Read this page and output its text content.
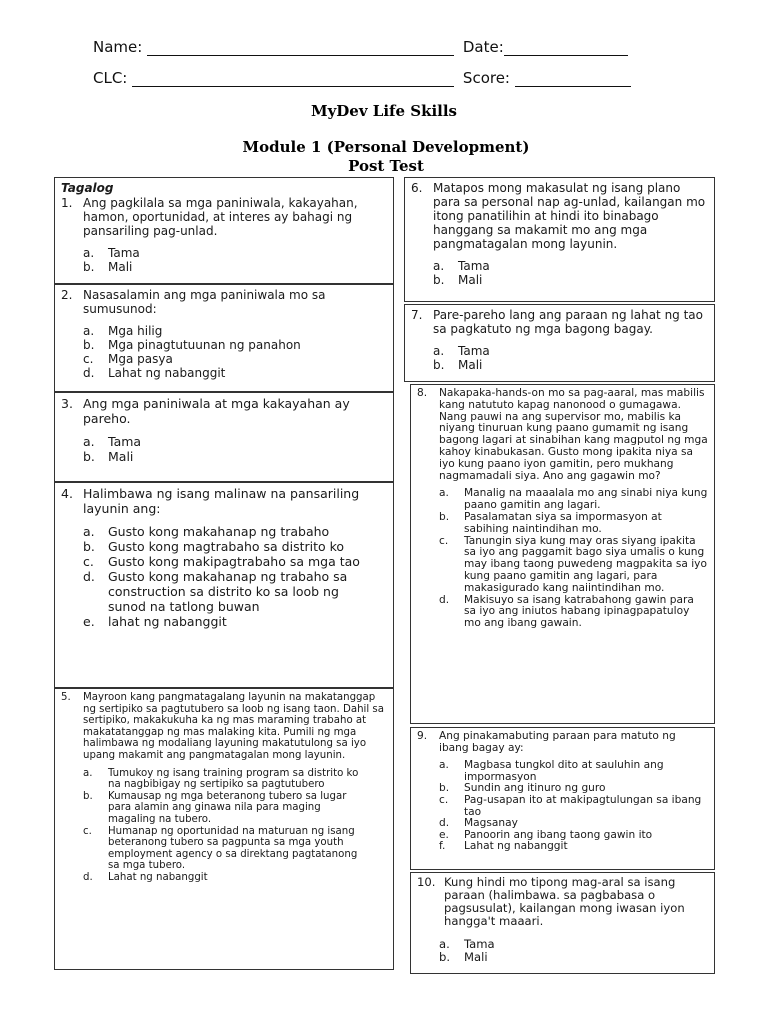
Name:	Date:
CLC:	Score:
MyDev Life Skills
Module 1 (Personal Development)
Post Test
Tagalog
1. Ang pagkilala sa mga paniniwala, kakayahan, hamon, oportunidad, at interes ay bahagi ng pansariling pag-unlad.
a.	Tama
b.	Mali
2. Nasasalamin ang mga paniniwala mo sa sumusunod:
a.	Mga hilig
b.	Mga pinagtutuunan ng panahon
c.	Mga pasya
d.	Lahat ng nabanggit
3. Ang mga paniniwala at mga kakayahan ay pareho.
a.	Tama
b.	Mali
4. Halimbawa ng isang malinaw na pansariling layunin ang:
a.	Gusto kong makahanap ng trabaho
b.	Gusto kong magtrabaho sa distrito ko
c.	Gusto kong makipagtrabaho sa mga tao
d.	Gusto kong makahanap ng trabaho sa construction sa distrito ko sa loob ng sunod na tatlong buwan
e.	lahat ng nabanggit
5.	Mayroon kang pangmatagalang layunin na makatanggap ng sertipiko sa pagtutubero sa loob ng isang taon. Dahil sa sertipiko, makakukuha ka ng mas maraming trabaho at makatatanggap ng mas malaking kita. Pumili ng mga halimbawa ng modaliang layuning makatutulong sa iyo upang makamit ang pangmatagalan mong layunin.
a.	Tumukoy ng isang training program sa distrito ko na nagbibigay ng sertipiko sa pagtutubero
b.	Kumausap ng mga beteranong tubero sa lugar para alamin ang ginawa nila para maging magaling na tubero.
c.	Humanap ng oportunidad na maturuan ng isang beteranong tubero sa pagpunta sa mga youth employment agency o sa direktang pagtatanong sa mga tubero.
d.	Lahat ng nabanggit
6. Matapos mong makasulat ng isang plano para sa personal nap ag-unlad, kailangan mo itong panatilihin at hindi ito binabago hanggang sa makamit mo ang mga pangmatagalan mong layunin.
a.	Tama
b.	Mali
7. Pare-pareho lang ang paraan ng lahat ng tao sa pagkatuto ng mga bagong bagay.
a.	Tama
b.	Mali
8.	Nakapaka-hands-on mo sa pag-aaral, mas mabilis kang natututo kapag nanonood o gumagawa. Nang pauwi na ang supervisor mo, mabilis ka niyang tinuruan kung paano gumamit ng isang bagong lagari at sinabihan kang magputol ng mga kahoy kinabukasan. Gusto mong ipakita niya sa iyo kung paano iyon gamitin, pero mukhang nagmamadali siya. Ano ang gagawin mo?
a.	Manalig na maaalala mo ang sinabi niya kung paano gamitin ang lagari.
b.	Pasalamatan siya sa impormasyon at sabihing naintindihan mo.
c.	Tanungin siya kung may oras siyang ipakita sa iyo ang paggamit bago siya umalis o kung may ibang taong puwedeng magpakita sa iyo kung paano gamitin ang lagari, para makasigurado kang naiintindihan mo.
d.	Makisuyo sa isang katrabahong gawin para sa iyo ang iniutos habang ipinagpapatuloy mo ang ibang gawain.
9.	Ang pinakamabuting paraan para matuto ng ibang bagay ay:
a.	Magbasa tungkol dito at sauluhin ang impormasyon
b.	Sundin ang itinuro ng guro
c.	Pag-usapan ito at makipagtulungan sa ibang tao
d.	Magsanay
e.	Panoorin ang ibang taong gawin ito
f.	Lahat ng nabanggit
10. Kung hindi mo tipong mag-aral sa isang paraan (halimbawa. sa pagbabasa o pagsusulat), kailangan mong iwasan iyon hangga't maaari.
a.	Tama
b.	Mali
